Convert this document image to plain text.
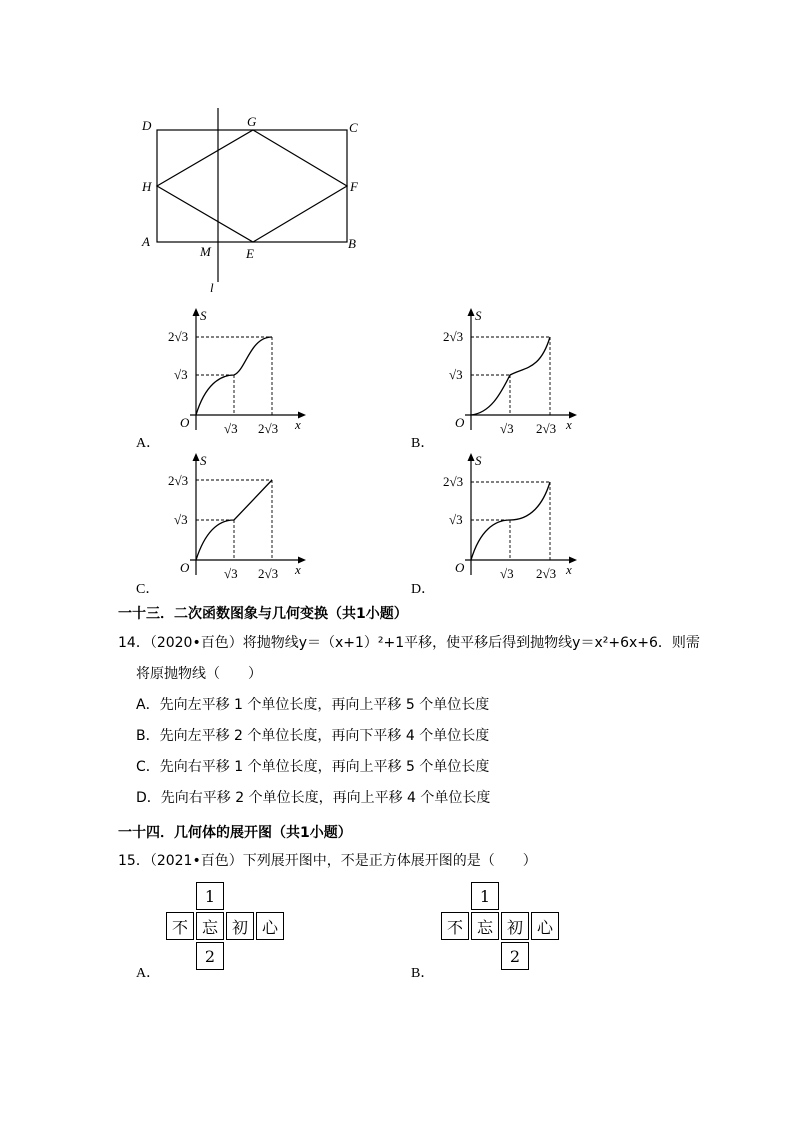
D	G	C
H	F
A
M	E
B
l
S
x
O
√3
2√3
√3 2√3
A．
S
x
O
√3
2√3
√3 2√3
B．
S
x
O
√3
2√3
√3 2√3
C．
S
x
O
√3
2√3
√3 2√3
D．
一十三．二次函数图象与几何变换（共1小题）
14．（2020•百色）将抛物线y＝（x+1）²+1平移，使平移后得到抛物线y＝x²+6x+6．则需
将原抛物线（　　）
A．先向左平移 1 个单位长度，再向上平移 5 个单位长度
B．先向左平移 2 个单位长度，再向下平移 4 个单位长度
C．先向右平移 1 个单位长度，再向上平移 5 个单位长度
D．先向右平移 2 个单位长度，再向上平移 4 个单位长度
一十四．几何体的展开图（共1小题）
15．（2021•百色）下列展开图中，不是正方体展开图的是（　　）
1
不 忘 初 心
2
A．
1
不 忘 初 心
2
B．
